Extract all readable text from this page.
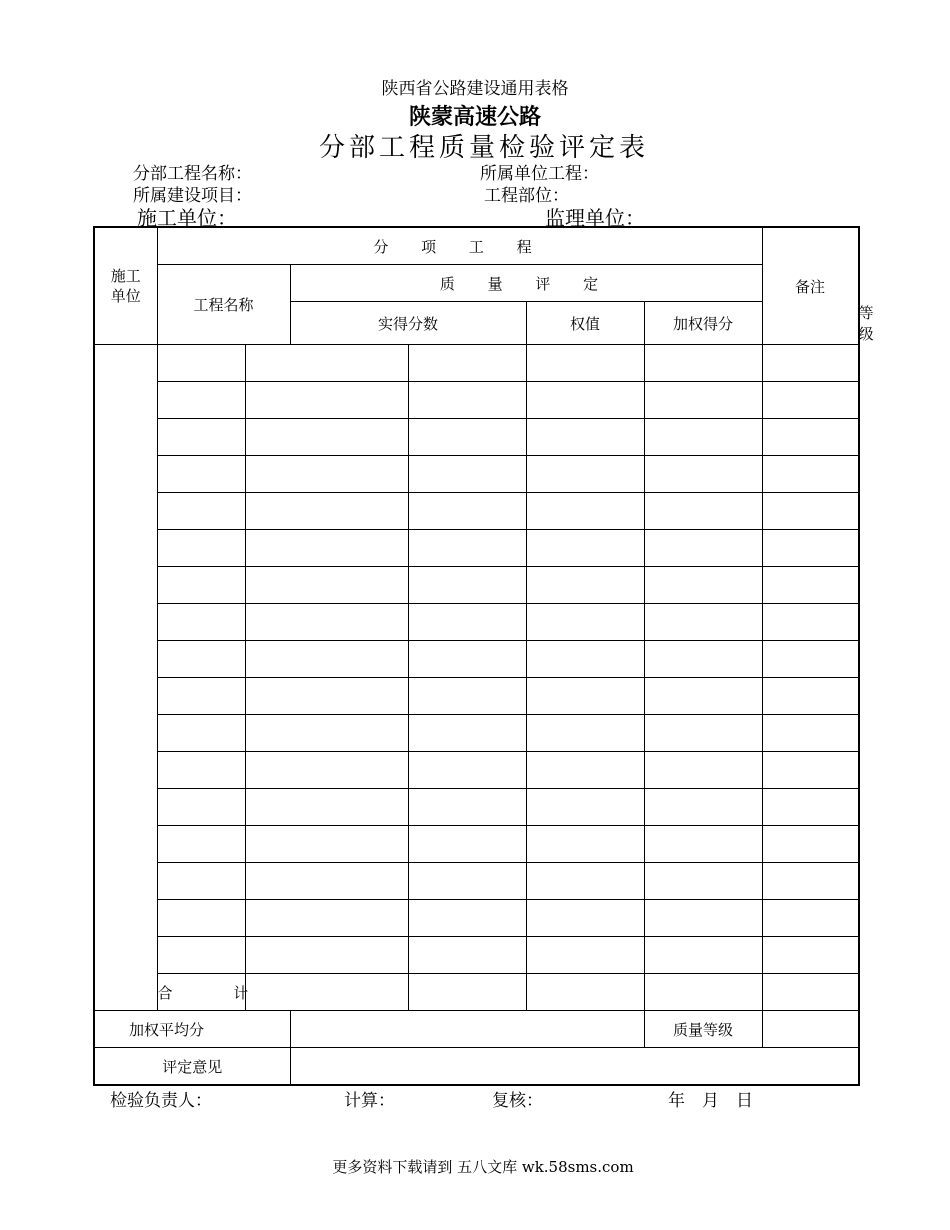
陕西省公路建设通用表格
陕蒙高速公路
分部工程质量检验评定表
分部工程名称：	所属单位工程：
所属建设项目：	工程部位：
施工单位：	监理单位：
施工单位	分 项 工 程						备注	
	工程名称		质 量 评 定					
			实得分数		权值	加权得分		等级

	合 计							
加权平均分						质量等级		
评定意见								
检验负责人：	计算：	复核：	年　月　日
更多资料下载请到 五八文库 wk.58sms.com
